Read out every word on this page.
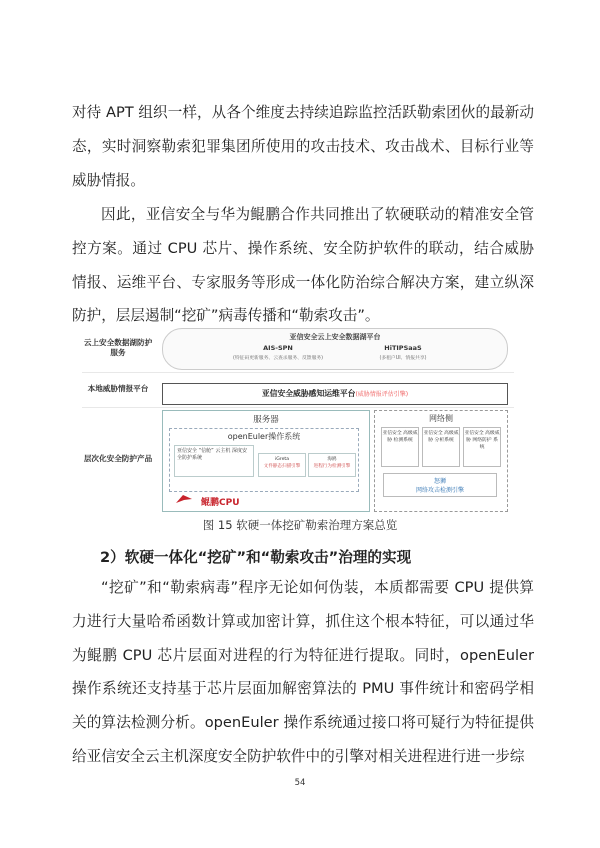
对待 APT 组织一样，从各个维度去持续追踪监控活跃勒索团伙的最新动态，实时洞察勒索犯罪集团所使用的攻击技术、攻击战术、目标行业等威胁情报。

因此，亚信安全与华为鲲鹏合作共同推出了软硬联动的精准安全管控方案。通过 CPU 芯片、操作系统、安全防护软件的联动，结合威胁情报、运维平台、专家服务等形成一体化防治综合解决方案，建立纵深防护，层层遏制“挖矿”病毒传播和“勒索攻击”。

云上安全数据湖防护服务
本地威胁情报平台
层次化安全防护产品
亚信安全云上安全数据湖平台
AIS-SPN
(特征码更新服务、云查杀服务、反馈服务)
HiTIPSaaS
(多租户UI、情报共享)
亚信安全威胁感知运维平台(威胁情报评估引擎)
服务器
openEuler操作系统
亚信安全 “信舱” 云主机 深度安全防护系统	iGreta
文件静态扫描引擎
海鸥
进程行为检测引擎
鲲鹏CPU
网络侧
亚信安全 高级威胁 检测系统
亚信安全 高级威胁 分析系统
亚信安全 高级威胁 网络防护 系统
怒狮
网络攻击检测引擎
图 15 软硬一体挖矿勒索治理方案总览
2）软硬一体化“挖矿”和“勒索攻击”治理的实现

“挖矿”和“勒索病毒”程序无论如何伪装，本质都需要 CPU 提供算力进行大量哈希函数计算或加密计算，抓住这个根本特征，可以通过华为鲲鹏 CPU 芯片层面对进程的行为特征进行提取。同时，openEuler 操作系统还支持基于芯片层面加解密算法的 PMU 事件统计和密码学相关的算法检测分析。openEuler 操作系统通过接口将可疑行为特征提供给亚信安全云主机深度安全防护软件中的引擎对相关进程进行进一步综

54
